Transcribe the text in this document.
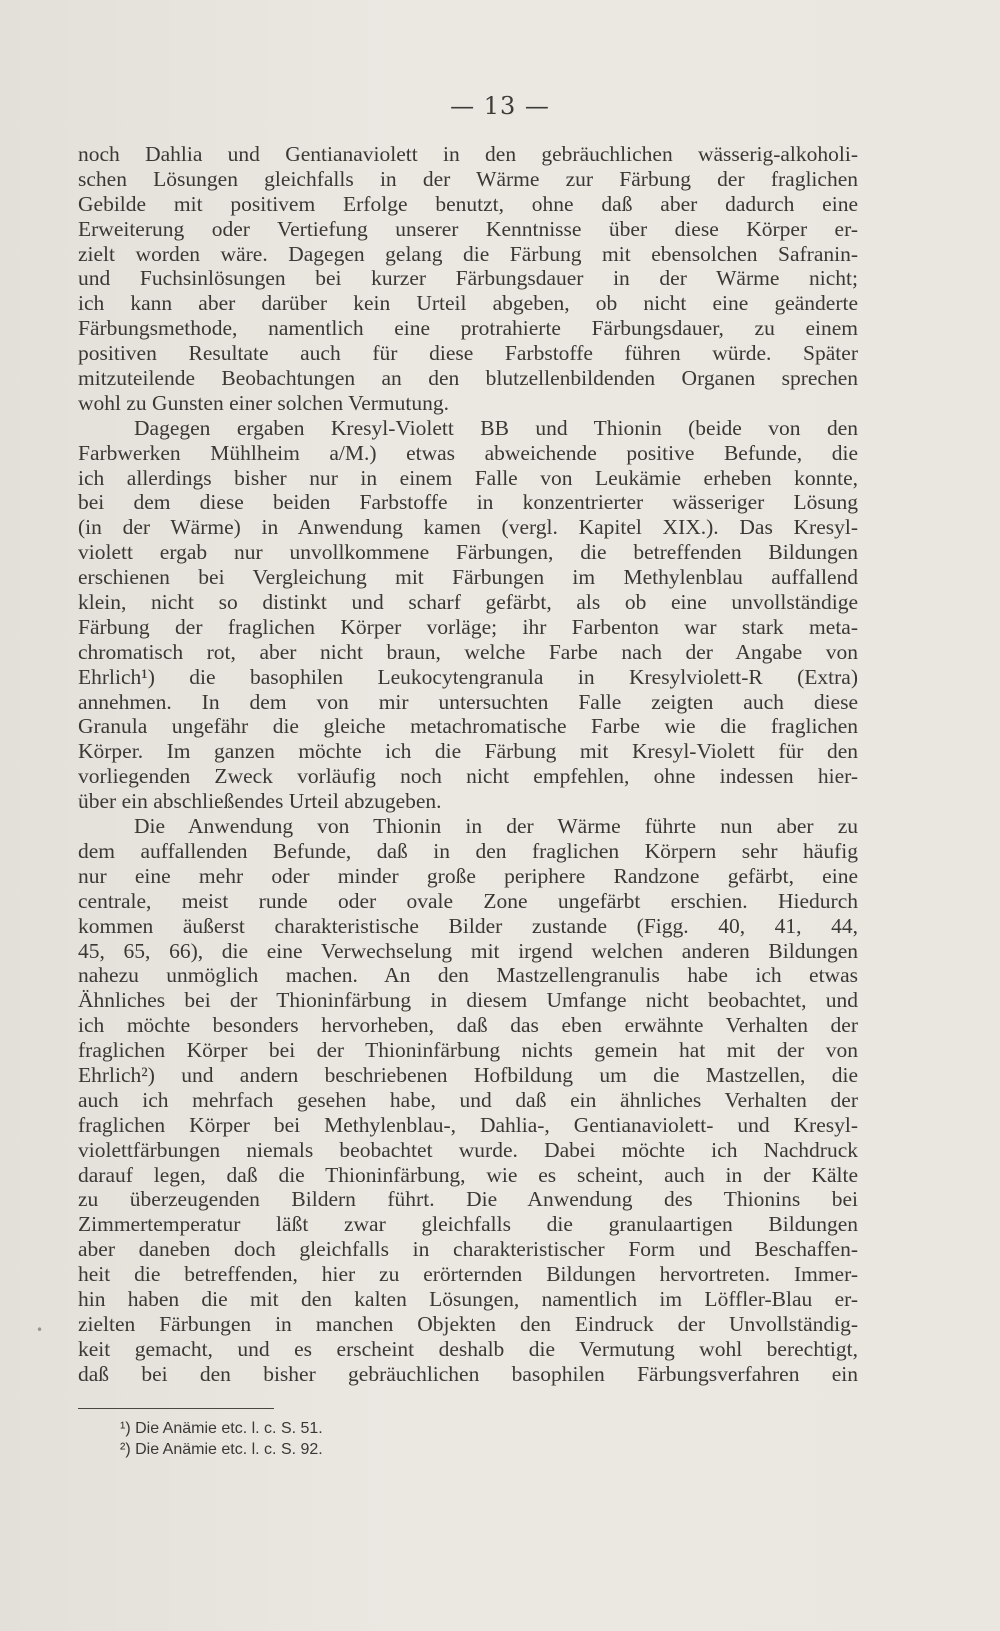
— 13 —
•
noch Dahlia und Gentianaviolett in den gebräuchlichen wässerig-alkoholi-
schen Lösungen gleichfalls in der Wärme zur Färbung der fraglichen
Gebilde mit positivem Erfolge benutzt, ohne daß aber dadurch eine
Erweiterung oder Vertiefung unserer Kenntnisse über diese Körper er-
zielt worden wäre. Dagegen gelang die Färbung mit ebensolchen Safranin-
und Fuchsinlösungen bei kurzer Färbungsdauer in der Wärme nicht;
ich kann aber darüber kein Urteil abgeben, ob nicht eine geänderte
Färbungsmethode, namentlich eine protrahierte Färbungsdauer, zu einem
positiven Resultate auch für diese Farbstoffe führen würde. Später
mitzuteilende Beobachtungen an den blutzellenbildenden Organen sprechen
wohl zu Gunsten einer solchen Vermutung.
Dagegen ergaben Kresyl-Violett BB und Thionin (beide von den
Farbwerken Mühlheim a/M.) etwas abweichende positive Befunde, die
ich allerdings bisher nur in einem Falle von Leukämie erheben konnte,
bei dem diese beiden Farbstoffe in konzentrierter wässeriger Lösung
(in der Wärme) in Anwendung kamen (vergl. Kapitel XIX.). Das Kresyl-
violett ergab nur unvollkommene Färbungen, die betreffenden Bildungen
erschienen bei Vergleichung mit Färbungen im Methylenblau auffallend
klein, nicht so distinkt und scharf gefärbt, als ob eine unvollständige
Färbung der fraglichen Körper vorläge; ihr Farbenton war stark meta-
chromatisch rot, aber nicht braun, welche Farbe nach der Angabe von
Ehrlich¹) die basophilen Leukocytengranula in Kresylviolett-R (Extra)
annehmen. In dem von mir untersuchten Falle zeigten auch diese
Granula ungefähr die gleiche metachromatische Farbe wie die fraglichen
Körper. Im ganzen möchte ich die Färbung mit Kresyl-Violett für den
vorliegenden Zweck vorläufig noch nicht empfehlen, ohne indessen hier-
über ein abschließendes Urteil abzugeben.
Die Anwendung von Thionin in der Wärme führte nun aber zu
dem auffallenden Befunde, daß in den fraglichen Körpern sehr häufig
nur eine mehr oder minder große periphere Randzone gefärbt, eine
centrale, meist runde oder ovale Zone ungefärbt erschien. Hiedurch
kommen äußerst charakteristische Bilder zustande (Figg. 40, 41, 44,
45, 65, 66), die eine Verwechselung mit irgend welchen anderen Bildungen
nahezu unmöglich machen. An den Mastzellengranulis habe ich etwas
Ähnliches bei der Thioninfärbung in diesem Umfange nicht beobachtet, und
ich möchte besonders hervorheben, daß das eben erwähnte Verhalten der
fraglichen Körper bei der Thioninfärbung nichts gemein hat mit der von
Ehrlich²) und andern beschriebenen Hofbildung um die Mastzellen, die
auch ich mehrfach gesehen habe, und daß ein ähnliches Verhalten der
fraglichen Körper bei Methylenblau-, Dahlia-, Gentianaviolett- und Kresyl-
violettfärbungen niemals beobachtet wurde. Dabei möchte ich Nachdruck
darauf legen, daß die Thioninfärbung, wie es scheint, auch in der Kälte
zu überzeugenden Bildern führt. Die Anwendung des Thionins bei
Zimmertemperatur läßt zwar gleichfalls die granulaartigen Bildungen
aber daneben doch gleichfalls in charakteristischer Form und Beschaffen-
heit die betreffenden, hier zu erörternden Bildungen hervortreten. Immer-
hin haben die mit den kalten Lösungen, namentlich im Löffler-Blau er-
zielten Färbungen in manchen Objekten den Eindruck der Unvollständig-
keit gemacht, und es erscheint deshalb die Vermutung wohl berechtigt,
daß bei den bisher gebräuchlichen basophilen Färbungsverfahren ein
¹) Die Anämie etc. l. c. S. 51.
²) Die Anämie etc. l. c. S. 92.
